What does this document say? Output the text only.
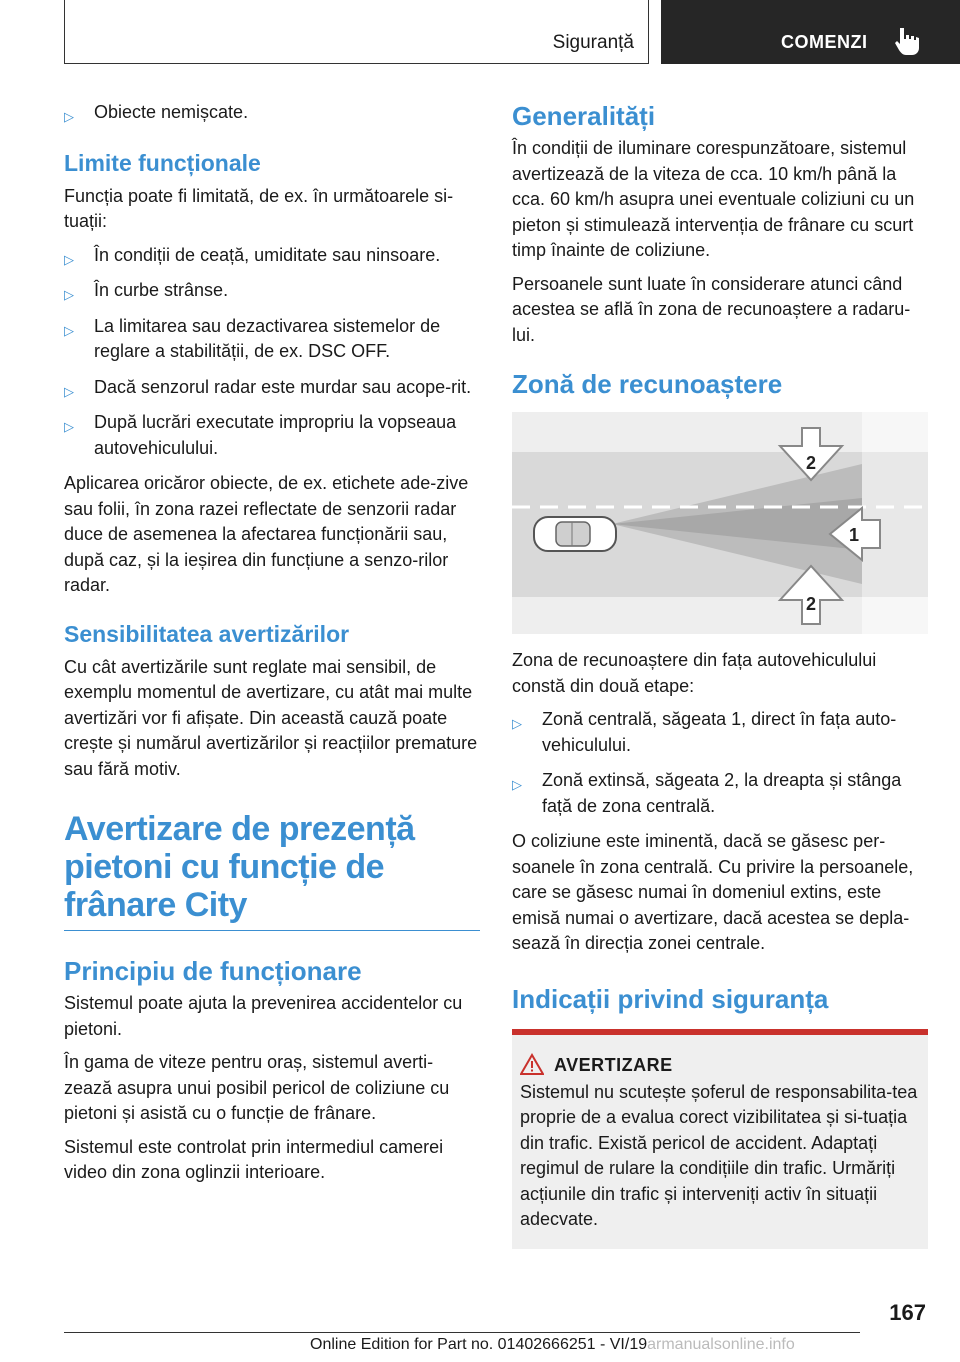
Siguranță	COMENZI
▷ Obiecte nemișcate.
Limite funcționale

Funcția poate fi limitată, de ex. în următoarele si‐tuații:

▷ În condiții de ceață, umiditate sau ninsoare.
▷ În curbe strânse.
▷ La limitarea sau dezactivarea sistemelor de reglare a stabilității, de ex. DSC OFF.
▷ Dacă senzorul radar este murdar sau acope‐rit.
▷ După lucrări executate impropriu la vopseaua autovehiculului.

Aplicarea oricăror obiecte, de ex. etichete ade‐zive sau folii, în zona razei reflectate de senzorii radar duce de asemenea la afectarea funcționării sau, după caz, și la ieșirea din funcțiune a senzo‐rilor radar.

Sensibilitatea avertizărilor

Cu cât avertizările sunt reglate mai sensibil, de exemplu momentul de avertizare, cu atât mai multe avertizări vor fi afișate. Din această cauză poate crește și numărul avertizărilor și reacțiilor premature sau fără motiv.

Avertizare de prezență pietoni cu funcție de frânare City
Principiu de funcționare

Sistemul poate ajuta la prevenirea accidentelor cu pietoni.

În gama de viteze pentru oraș, sistemul averti‐zează asupra unui posibil pericol de coliziune cu pietoni și asistă cu o funcție de frânare.

Sistemul este controlat prin intermediul camerei video din zona oglinzii interioare.

Generalități

În condiții de iluminare corespunzătoare, sistemul avertizează de la viteza de cca. 10 km/h până la cca. 60 km/h asupra unei eventuale coliziuni cu un pieton și stimulează intervenția de frânare cu scurt timp înainte de coliziune.

Persoanele sunt luate în considerare atunci când acestea se află în zona de recunoaștere a radaru‐lui.

Zonă de recunoaștere
2
1
2

Zona de recunoaștere din fața autovehiculului constă din două etape:

▷ Zonă centrală, săgeata 1, direct în fața auto‐vehiculului.
▷ Zonă extinsă, săgeata 2, la dreapta și stânga față de zona centrală.

O coliziune este iminentă, dacă se găsesc per‐soanele în zona centrală. Cu privire la persoanele, care se găsesc numai în domeniul extins, este emisă numai o avertizare, dacă acestea se depla‐sează în direcția zonei centrale.

Indicații privind siguranța
AVERTIZARE

Sistemul nu scutește șoferul de responsabilita‐tea proprie de a evalua corect vizibilitatea și si‐tuația din trafic. Există pericol de accident. Adaptați regimul de rulare la condițiile din trafic. Urmăriți acțiunile din trafic și interveniți activ în situații adecvate.

167
Online Edition for Part no. 01402666251 - VI/19armanualsonline.info
